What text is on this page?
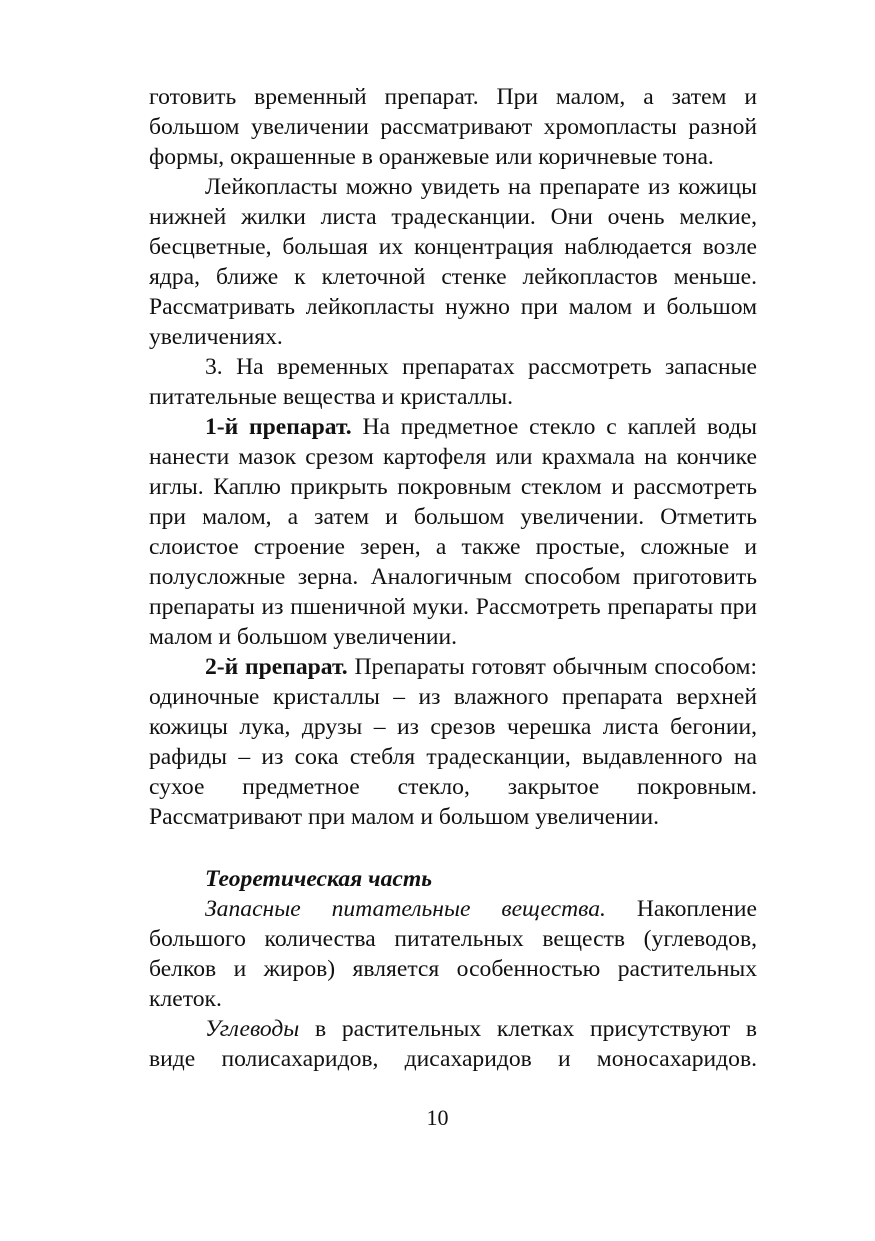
готовить временный препарат. При малом, а затем и большом увеличении рассматривают хромопласты разной формы, окрашенные в оранжевые или коричневые тона.

Лейкопласты можно увидеть на препарате из кожицы нижней жилки листа традесканции. Они очень мелкие, бесцветные, большая их концентрация наблюдается возле ядра, ближе к клеточной стенке лейкопластов меньше. Рассматривать лейкопласты нужно при малом и большом увеличениях.

3. На временных препаратах рассмотреть запасные питательные вещества и кристаллы.

1-й препарат. На предметное стекло с каплей воды нанести мазок срезом картофеля или крахмала на кончике иглы. Каплю прикрыть покровным стеклом и рассмотреть при малом, а затем и большом увеличении. Отметить слоистое строение зерен, а также простые, сложные и полусложные зерна. Аналогичным способом приготовить препараты из пшеничной муки. Рассмотреть препараты при малом и большом увеличении.

2-й препарат. Препараты готовят обычным способом: одиночные кристаллы – из влажного препарата верхней кожицы лука, друзы – из срезов черешка листа бегонии, рафиды – из сока стебля традесканции, выдавленного на сухое предметное стекло, закрытое покровным. Рассматривают при малом и большом увеличении.

Теоретическая часть

Запасные питательные вещества. Накопление большого количества питательных веществ (углеводов, белков и жиров) является особенностью растительных клеток.

Углеводы в растительных клетках присутствуют в виде полисахаридов, дисахаридов и моносахаридов.

10
